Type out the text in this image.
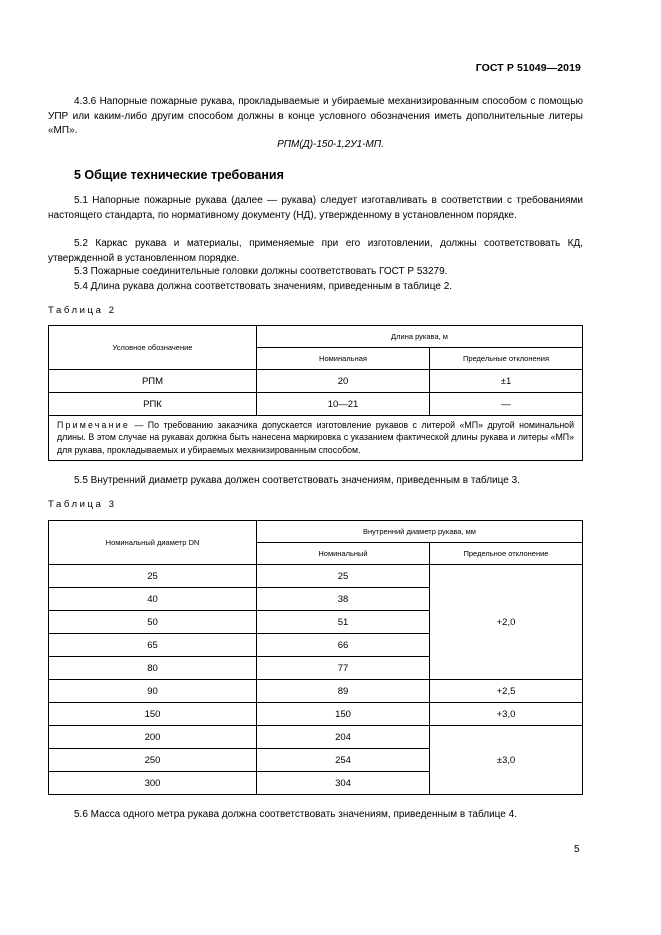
ГОСТ Р 51049—2019
4.3.6 Напорные пожарные рукава, прокладываемые и убираемые механизированным способом с помощью УПР или каким-либо другим способом должны в конце условного обозначения иметь дополнительные литеры «МП».
РПМ(Д)-150-1,2У1-МП.
5 Общие технические требования
5.1 Напорные пожарные рукава (далее — рукава) следует изготавливать в соответствии с требованиями настоящего стандарта, по нормативному документу (НД), утвержденному в установленном порядке.
5.2 Каркас рукава и материалы, применяемые при его изготовлении, должны соответствовать КД, утвержденной в установленном порядке.
5.3 Пожарные соединительные головки должны соответствовать ГОСТ Р 53279.
5.4 Длина рукава должна соответствовать значениям, приведенным в таблице 2.
Таблица 2
Условное обозначение	Длина рукава, м	
	Номинальная	Предельные отклонения
РПМ	20	±1
РПК	10—21	—
Примечание — По требованию заказчика допускается изготовление рукавов с литерой «МП» другой номинальной длины. В этом случае на рукавах должна быть нанесена маркировка с указанием фактической длины рукава и литеры «МП» для рукава, прокладываемых и убираемых механизированным способом.		
5.5 Внутренний диаметр рукава должен соответствовать значениям, приведенным в таблице 3.
Таблица 3
Номинальный диаметр DN	Внутренний диаметр рукава, мм	
	Номинальный	Предельное отклонение
25	25	+2,0
40	38	
50	51	
65	66	
80	77	
90	89	+2,5
150	150	+3,0
200	204	±3,0
250	254	
300	304	
5.6 Масса одного метра рукава должна соответствовать значениям, приведенным в таблице 4.
5
